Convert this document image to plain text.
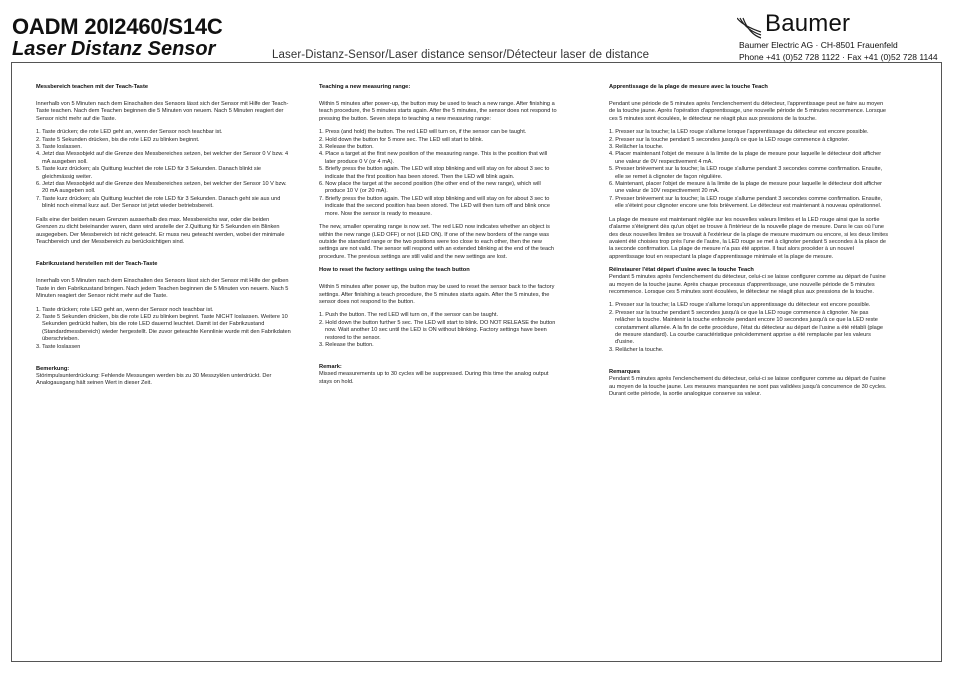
OADM 20I2460/S14C
Laser Distanz Sensor	Laser-Distanz-Sensor/Laser distance sensor/Détecteur laser de distance
Baumer
Baumer Electric AG · CH-8501 Frauenfeld
Phone +41 (0)52 728 1122 · Fax +41 (0)52 728 1144
Messbereich teachen mit der Teach-Taste

Innerhalb von 5 Minuten nach dem Einschalten des Sensors lässt sich der Sensor mit Hilfe der Teach-Taste teachen. Nach dem Teachen beginnen die 5 Minuten von neuem. Nach 5 Minuten reagiert der Sensor nicht mehr auf die Taste.

1. Taste drücken; die rote LED geht an, wenn der Sensor noch teachbar ist.
2. Taste 5 Sekunden drücken, bis die rote LED zu blinken beginnt.
3. Taste loslassen.
4. Jetzt das Messobjekt auf die Grenze des Messbereiches setzen, bei welcher der Sensor 0 V bzw. 4 mA ausgeben soll.
5. Taste kurz drücken; als Quittung leuchtet die rote LED für 3 Sekunden. Danach blinkt sie gleichmässig weiter.
6. Jetzt das Messobjekt auf die Grenze des Messbereiches setzen, bei welcher der Sensor 10 V bzw. 20 mA ausgeben soll.
7. Taste kurz drücken; als Quittung leuchtet die rote LED für 3 Sekunden. Danach geht sie aus und blinkt noch einmal kurz auf. Der Sensor ist jetzt wieder betriebsbereit.

Falls eine der beiden neuen Grenzen ausserhalb des max. Messbereichs war, oder die beiden Grenzen zu dicht beieinander waren, dann wird anstelle der 2.Quittung für 5 Sekunden ein Blinken ausgegeben. Der Messbereich ist nicht geteacht. Er muss neu geteacht werden, wobei der minimale Teachbereich und der Messbereich zu berücksichtigen sind.

Fabrikzustand herstellen mit der Teach-Taste

Innerhalb von 5 Minuten nach dem Einschalten des Sensors lässt sich der Sensor mit Hilfe der gelben Taste in den Fabrikzustand bringen. Nach jedem Teachen beginnen die 5 Minuten von neuem. Nach 5 Minuten reagiert der Sensor nicht mehr auf die Taste.

1. Taste drücken; rote LED geht an, wenn der Sensor noch teachbar ist.
2. Taste 5 Sekunden drücken, bis die rote LED zu blinken beginnt. Taste NICHT loslassen. Weitere 10 Sekunden gedrückt halten, bis die rote LED dauernd leuchtet. Damit ist der Fabrikzustand (Standardmessbereich) wieder hergestellt. Die zuvor geteachte Kennlinie wurde mit den Fabrikdaten überschrieben.
3. Taste loslassen
Bemerkung:

Störimpulsunterdrückung: Fehlende Messungen werden bis zu 30 Messzyklen unterdrückt. Der Analogausgang hält seinen Wert in dieser Zeit.

Teaching a new measuring range:

Within 5 minutes after power-up, the button may be used to teach a new range. After finishing a teach procedure, the 5 minutes starts again. After the 5 minutes, the sensor does not respond to pressing the button. Seven steps to teaching a new measuring range:

1. Press (and hold) the button. The red LED will turn on, if the sensor can be taught.
2. Hold down the button for 5 more sec. The LED will start to blink.
3. Release the button.
4. Place a target at the first new position of the measuring range. This is the position that will later produce 0 V (or 4 mA).
5. Briefly press the button again. The LED will stop blinking and will stay on for about 3 sec to indicate that the first position has been stored. Then the LED will blink again.
6. Now place the target at the second position (the other end of the new range), which will produce 10 V (or 20 mA).
7. Briefly press the button again. The LED will stop blinking and will stay on for about 3 sec to indicate that the second position has been stored. The LED will then turn off and blink once more. Now the sensor is ready to measure.

The new, smaller operating range is now set. The red LED now indicates whether an object is within the new range (LED OFF) or not (LED ON). If one of the new borders of the range was outside the standard range or the two positions were too close to each other, then the new settings are not valid. The sensor will respond with an extended blinking at the end of the teach procedure. The previous settings are still valid and the new settings are lost.

How to reset the factory settings using the teach button

Within 5 minutes after power up, the button may be used to reset the sensor back to the factory settings. After finishing a teach procedure, the 5 minutes starts again. After the 5 minutes, the sensor does not respond to the button.

1. Push the button. The red LED will turn on, if the sensor can be taught.
2. Hold down the button further 5 sec. The LED will start to blink. DO NOT RELEASE the button now. Wait another 10 sec until the LED is ON without blinking. Factory settings have been restored to the sensor.
3. Release the button.
Remark:

Missed measurements up to 30 cycles will be suppressed. During this time the analog output stays on hold.

Apprentissage de la plage de mesure avec la touche Teach

Pendant une période de 5 minutes après l'enclenchement du détecteur, l'apprentissage peut se faire au moyen de la touche jaune. Après l'opération d'apprentissage, une nouvelle période de 5 minutes recommence. Lorsque ces 5 minutes sont écoulées, le détecteur ne réagit plus aux pressions de la touche.

1. Presser sur la touche; la LED rouge s'allume lorsque l'apprentissage du détecteur est encore possible.
2. Presser sur la touche pendant 5 secondes jusqu'à ce que la LED rouge commence à clignoter.
3. Relâcher la touche.
4. Placer maintenant l'objet de mesure à la limite de la plage de mesure pour laquelle le détecteur doit afficher une valeur de 0V respectivement 4 mA.
5. Presser brièvement sur la touche; la LED rouge s'allume pendant 3 secondes comme confirmation. Ensuite, elle se remet à clignoter de façon régulière.
6. Maintenant, placer l'objet de mesure à la limite de la plage de mesure pour laquelle le détecteur doit afficher une valeur de 10V respectivement 20 mA.
7. Presser brièvement sur la touche; la LED rouge s'allume pendant 3 secondes comme confirmation. Ensuite, elle s'éteint pour clignoter encore une fois brièvement. Le détecteur est maintenant à nouveau opérationnel.

La plage de mesure est maintenant réglée sur les nouvelles valeurs limites et la LED rouge ainsi que la sortie d'alarme s'éteignent dès qu'un objet se trouve à l'intérieur de la nouvelle plage de mesure. Dans le cas où l'une des deux nouvelles limites se trouvait à l'extérieur de la plage de mesure maximum ou encore, si les deux limites avaient été choisies trop près l'une de l'autre, la LED rouge se met à clignoter pendant 5 secondes à la place de la seconde confirmation. La plage de mesure n'a pas été apprise. Il faut alors procéder à un nouvel apprentissage tout en respectant la plage d'apprentissage minimale et la plage de mesure.

Réinstaurer l'état départ d'usine avec la touche Teach

Pendant 5 minutes après l'enclenchement du détecteur, celui-ci se laisse configurer comme au départ de l'usine au moyen de la touche jaune. Après chaque processus d'apprentissage, une nouvelle période de 5 minutes recommence. Lorsque ces 5 minutes sont écoulées, le détecteur ne réagit plus aux pressions de la touche.

1. Presser sur la touche; la LED rouge s'allume lorsqu'un apprentissage du détecteur est encore possible.
2. Presser sur la touche pendant 5 secondes jusqu'à ce que la LED rouge commence à clignoter. Ne pas relâcher la touche. Maintenir la touche enfoncée pendant encore 10 secondes jusqu'à ce que la LED reste constamment allumée. A la fin de cette procédure, l'état du détecteur au départ de l'usine a été rétabli (plage de mesure standard). La courbe caractéristique précédemment apprise a été remplacée par les valeurs d'usine.
3. Relâcher la touche.
Remarques

Pendant 5 minutes après l'enclenchement du détecteur, celui-ci se laisse configurer comme au départ de l'usine au moyen de la touche jaune. Les mesures manquantes ne sont pas validées jusqu'à concurrence de 30 cycles. Durant cette période, la sortie analogique conserve sa valeur.
